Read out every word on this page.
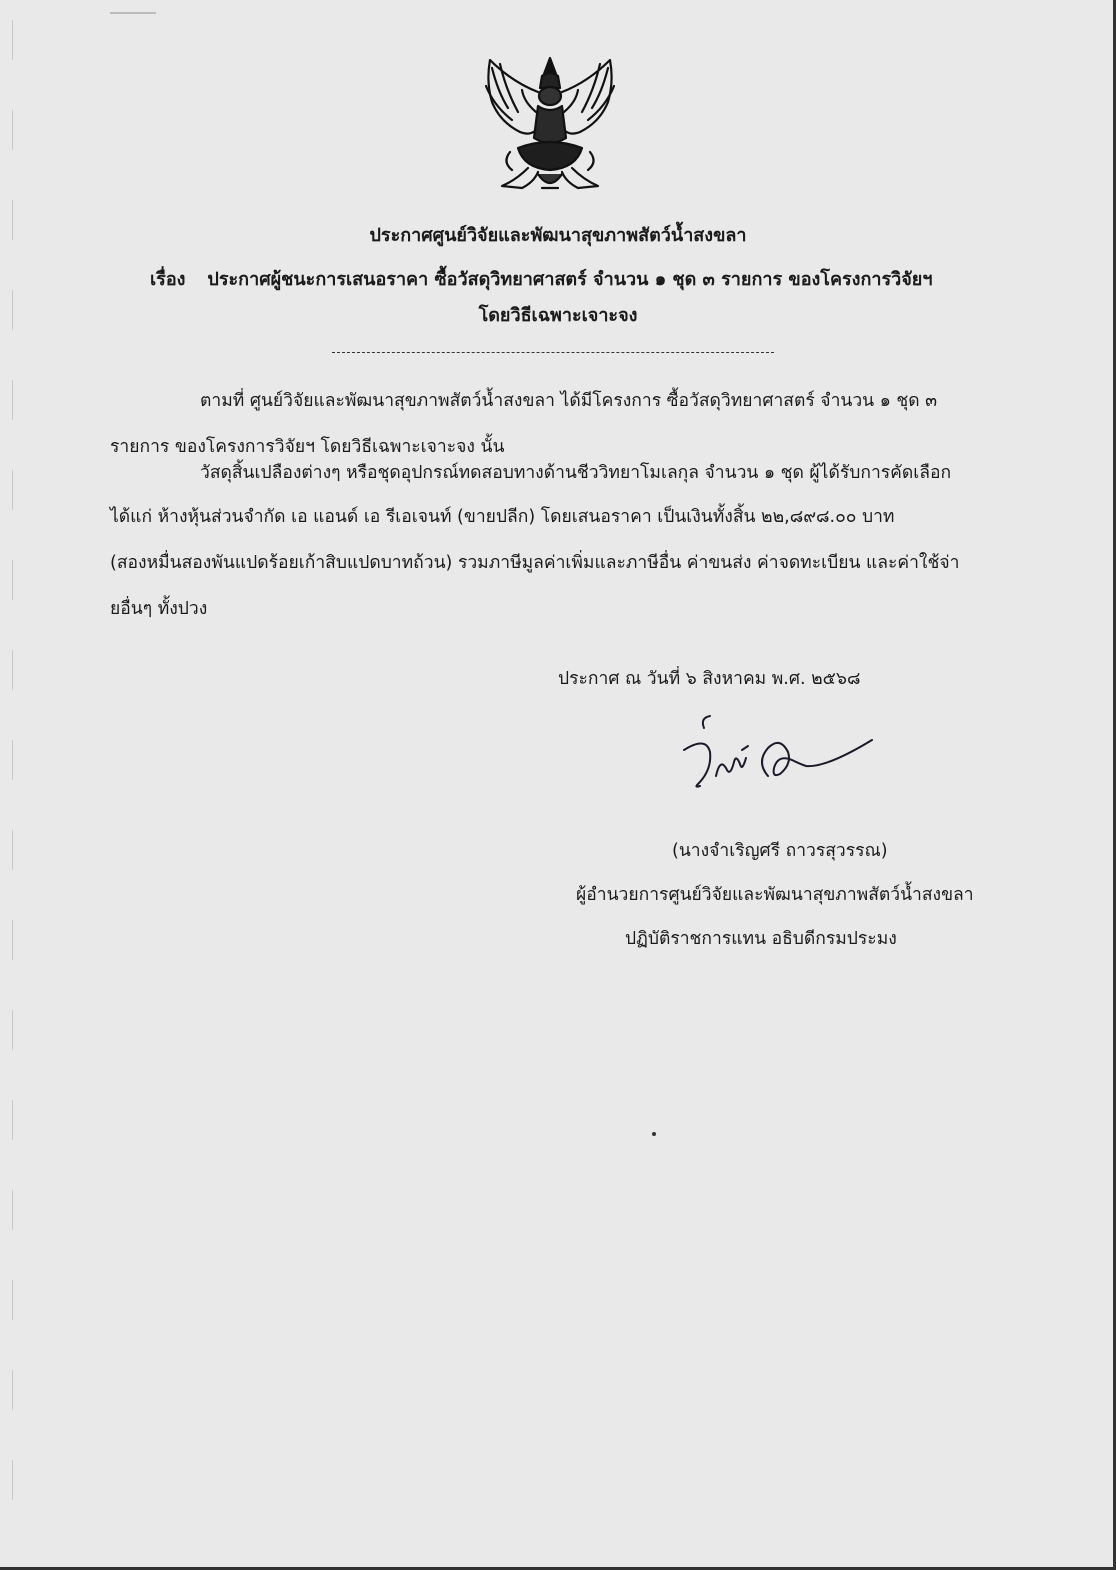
ประกาศศูนย์วิจัยและพัฒนาสุขภาพสัตว์น้ำสงขลา
เรื่อง ประกาศผู้ชนะการเสนอราคา ซื้อวัสดุวิทยาศาสตร์ จำนวน ๑ ชุด ๓ รายการ ของโครงการวิจัยฯ
โดยวิธีเฉพาะเจาะจง
ตามที่ ศูนย์วิจัยและพัฒนาสุขภาพสัตว์น้ำสงขลา ได้มีโครงการ ซื้อวัสดุวิทยาศาสตร์ จำนวน ๑ ชุด ๓
รายการ ของโครงการวิจัยฯ โดยวิธีเฉพาะเจาะจง นั้น
วัสดุสิ้นเปลืองต่างๆ หรือชุดอุปกรณ์ทดสอบทางด้านชีววิทยาโมเลกุล จำนวน ๑ ชุด ผู้ได้รับการคัดเลือก
ได้แก่ ห้างหุ้นส่วนจำกัด เอ แอนด์ เอ รีเอเจนท์ (ขายปลีก) โดยเสนอราคา เป็นเงินทั้งสิ้น ๒๒,๘๙๘.๐๐ บาท
(สองหมื่นสองพันแปดร้อยเก้าสิบแปดบาทถ้วน) รวมภาษีมูลค่าเพิ่มและภาษีอื่น ค่าขนส่ง ค่าจดทะเบียน และค่าใช้จ่า
ยอื่นๆ ทั้งปวง
ประกาศ ณ วันที่ ๖ สิงหาคม พ.ศ. ๒๕๖๘
(นางจำเริญศรี ถาวรสุวรรณ)
ผู้อำนวยการศูนย์วิจัยและพัฒนาสุขภาพสัตว์น้ำสงขลา
ปฏิบัติราชการแทน อธิบดีกรมประมง
